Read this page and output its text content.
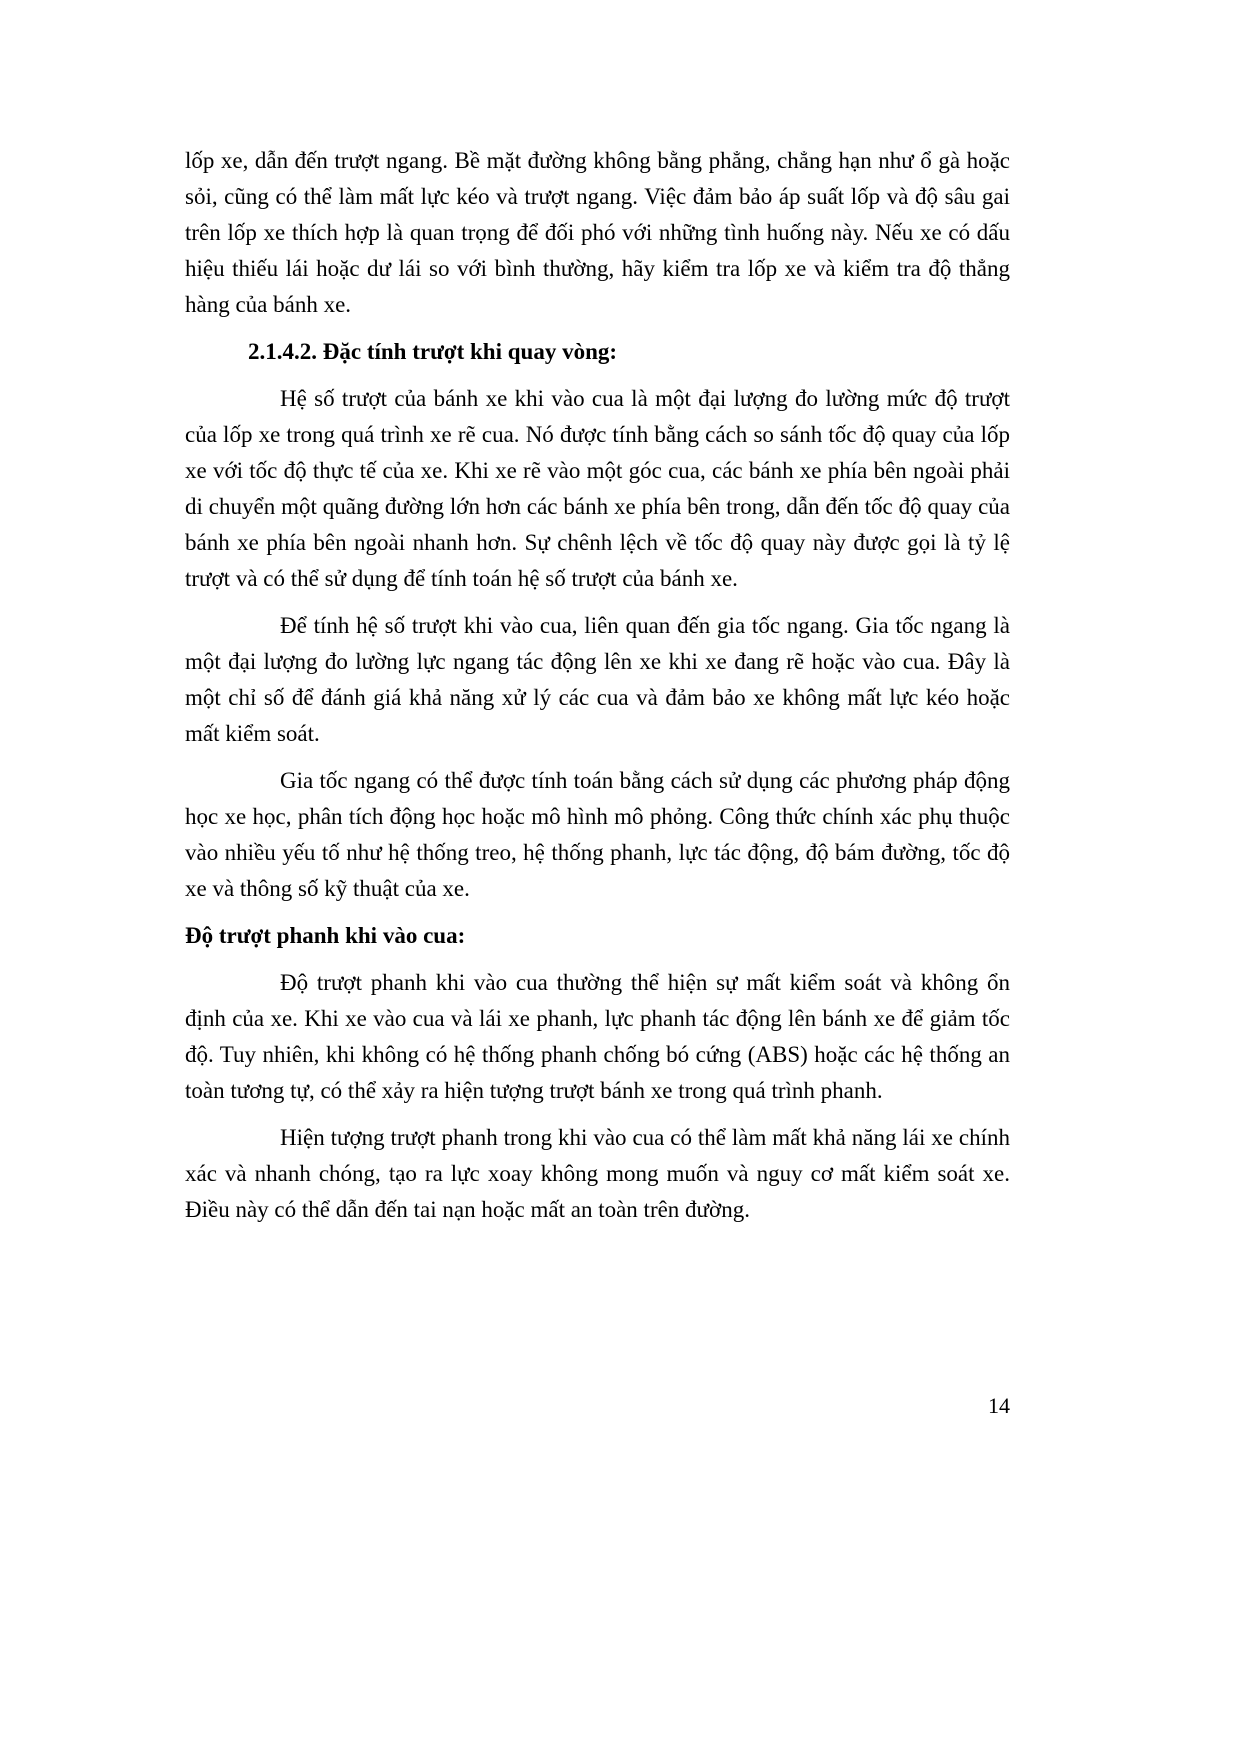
lốp xe, dẫn đến trượt ngang. Bề mặt đường không bằng phẳng, chẳng hạn như ổ gà hoặc sỏi, cũng có thể làm mất lực kéo và trượt ngang. Việc đảm bảo áp suất lốp và độ sâu gai trên lốp xe thích hợp là quan trọng để đối phó với những tình huống này. Nếu xe có dấu hiệu thiếu lái hoặc dư lái so với bình thường, hãy kiểm tra lốp xe và kiểm tra độ thẳng hàng của bánh xe.

2.1.4.2. Đặc tính trượt khi quay vòng:

Hệ số trượt của bánh xe khi vào cua là một đại lượng đo lường mức độ trượt của lốp xe trong quá trình xe rẽ cua. Nó được tính bằng cách so sánh tốc độ quay của lốp xe với tốc độ thực tế của xe. Khi xe rẽ vào một góc cua, các bánh xe phía bên ngoài phải di chuyển một quãng đường lớn hơn các bánh xe phía bên trong, dẫn đến tốc độ quay của bánh xe phía bên ngoài nhanh hơn. Sự chênh lệch về tốc độ quay này được gọi là tỷ lệ trượt và có thể sử dụng để tính toán hệ số trượt của bánh xe.

Để tính hệ số trượt khi vào cua, liên quan đến gia tốc ngang. Gia tốc ngang là một đại lượng đo lường lực ngang tác động lên xe khi xe đang rẽ hoặc vào cua. Đây là một chỉ số để đánh giá khả năng xử lý các cua và đảm bảo xe không mất lực kéo hoặc mất kiểm soát.

Gia tốc ngang có thể được tính toán bằng cách sử dụng các phương pháp động học xe học, phân tích động học hoặc mô hình mô phỏng. Công thức chính xác phụ thuộc vào nhiều yếu tố như hệ thống treo, hệ thống phanh, lực tác động, độ bám đường, tốc độ xe và thông số kỹ thuật của xe.

Độ trượt phanh khi vào cua:

Độ trượt phanh khi vào cua thường thể hiện sự mất kiểm soát và không ổn định của xe. Khi xe vào cua và lái xe phanh, lực phanh tác động lên bánh xe để giảm tốc độ. Tuy nhiên, khi không có hệ thống phanh chống bó cứng (ABS) hoặc các hệ thống an toàn tương tự, có thể xảy ra hiện tượng trượt bánh xe trong quá trình phanh.

Hiện tượng trượt phanh trong khi vào cua có thể làm mất khả năng lái xe chính xác và nhanh chóng, tạo ra lực xoay không mong muốn và nguy cơ mất kiểm soát xe. Điều này có thể dẫn đến tai nạn hoặc mất an toàn trên đường.

14
